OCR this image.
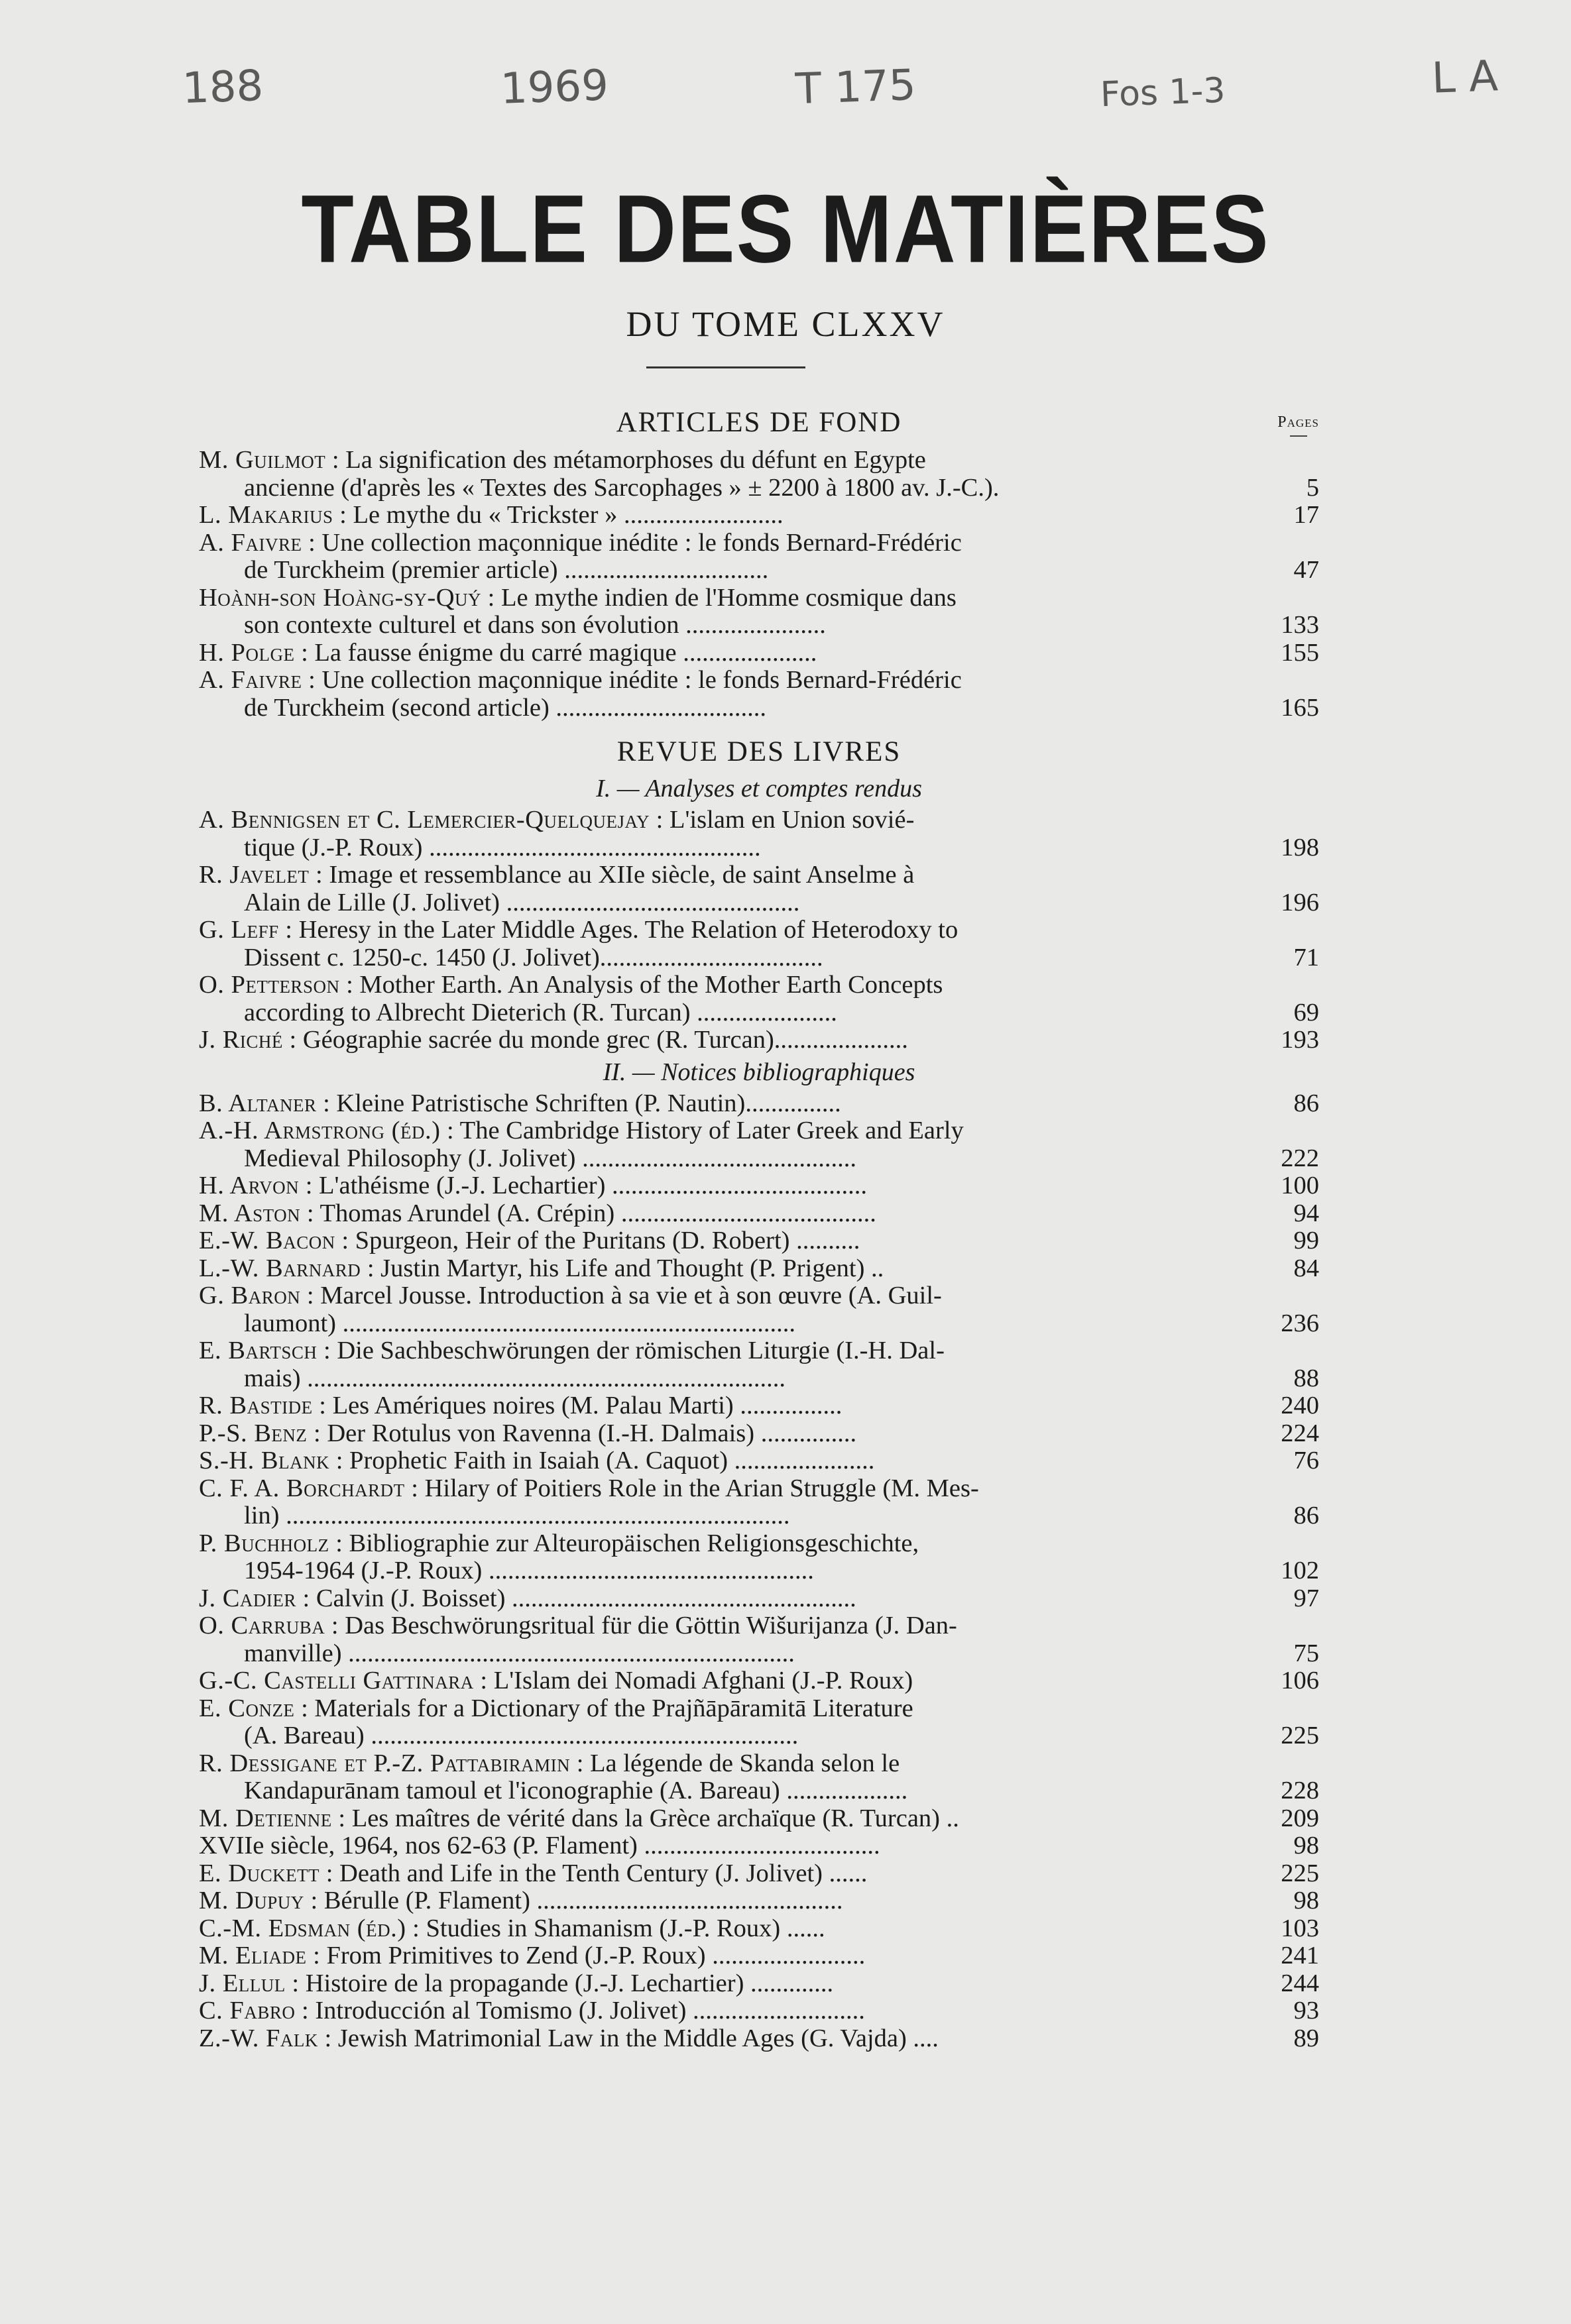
188	1969	T 175	Fos 1-3	L A
TABLE DES MATIÈRES
DU TOME CLXXV
ARTICLES DE FOND	Pages
M. Guilmot : La signification des métamorphoses du défunt en Egypte
ancienne (d'après les « Textes des Sarcophages » ± 2200 à 1800 av. J.-C.).	5
L. Makarius : Le mythe du « Trickster » .........................	17
A. Faivre : Une collection maçonnique inédite : le fonds Bernard-Frédéric
de Turckheim (premier article) ................................	47
Hoành-son Hoàng-sy-Quý : Le mythe indien de l'Homme cosmique dans
son contexte culturel et dans son évolution ......................	133
H. Polge : La fausse énigme du carré magique .....................	155
A. Faivre : Une collection maçonnique inédite : le fonds Bernard-Frédéric
de Turckheim (second article) .................................	165
REVUE DES LIVRES
I. — Analyses et comptes rendus
A. Bennigsen et C. Lemercier-Quelquejay : L'islam en Union sovié-
tique (J.-P. Roux) ....................................................	198
R. Javelet : Image et ressemblance au XIIe siècle, de saint Anselme à
Alain de Lille (J. Jolivet) ..............................................	196
G. Leff : Heresy in the Later Middle Ages. The Relation of Heterodoxy to
Dissent c. 1250-c. 1450 (J. Jolivet)...................................	71
O. Petterson : Mother Earth. An Analysis of the Mother Earth Concepts
according to Albrecht Dieterich (R. Turcan) ......................	69
J. Riché : Géographie sacrée du monde grec (R. Turcan).....................	193
II. — Notices bibliographiques
B. Altaner : Kleine Patristische Schriften (P. Nautin)...............	86
A.-H. Armstrong (éd.) : The Cambridge History of Later Greek and Early
Medieval Philosophy (J. Jolivet) ...........................................	222
H. Arvon : L'athéisme (J.-J. Lechartier) ........................................	100
M. Aston : Thomas Arundel (A. Crépin) ........................................	94
E.-W. Bacon : Spurgeon, Heir of the Puritans (D. Robert) ..........	99
L.-W. Barnard : Justin Martyr, his Life and Thought (P. Prigent) ..	84
G. Baron : Marcel Jousse. Introduction à sa vie et à son œuvre (A. Guil-
laumont) .......................................................................	236
E. Bartsch : Die Sachbeschwörungen der römischen Liturgie (I.-H. Dal-
mais) ...........................................................................	88
R. Bastide : Les Amériques noires (M. Palau Marti) ................	240
P.-S. Benz : Der Rotulus von Ravenna (I.-H. Dalmais) ...............	224
S.-H. Blank : Prophetic Faith in Isaiah (A. Caquot) ......................	76
C. F. A. Borchardt : Hilary of Poitiers Role in the Arian Struggle (M. Mes-
lin) ...............................................................................	86
P. Buchholz : Bibliographie zur Alteuropäischen Religionsgeschichte,
1954-1964 (J.-P. Roux) ...................................................	102
J. Cadier : Calvin (J. Boisset) ......................................................	97
O. Carruba : Das Beschwörungsritual für die Göttin Wišurijanza (J. Dan-
manville) ......................................................................	75
G.-C. Castelli Gattinara : L'Islam dei Nomadi Afghani (J.-P. Roux)	106
E. Conze : Materials for a Dictionary of the Prajñāpāramitā Literature
(A. Bareau) ...................................................................	225
R. Dessigane et P.-Z. Pattabiramin : La légende de Skanda selon le
Kandapurānam tamoul et l'iconographie (A. Bareau) ...................	228
M. Detienne : Les maîtres de vérité dans la Grèce archaïque (R. Turcan) ..	209
XVIIe siècle, 1964, nos 62-63 (P. Flament) .....................................	98
E. Duckett : Death and Life in the Tenth Century (J. Jolivet) ......	225
M. Dupuy : Bérulle (P. Flament) ................................................	98
C.-M. Edsman (éd.) : Studies in Shamanism (J.-P. Roux) ......	103
M. Eliade : From Primitives to Zend (J.-P. Roux) ........................	241
J. Ellul : Histoire de la propagande (J.-J. Lechartier) .............	244
C. Fabro : Introducción al Tomismo (J. Jolivet) ...........................	93
Z.-W. Falk : Jewish Matrimonial Law in the Middle Ages (G. Vajda) ....	89
